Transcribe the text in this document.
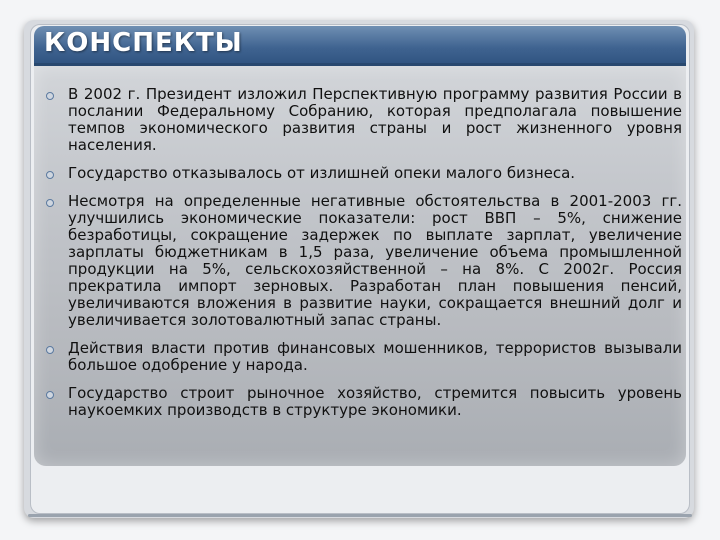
КОНСПЕКТЫ
В 2002 г. Президент изложил Перспективную программу развития России в послании Федеральному Собранию, которая предполагала повышение темпов экономического развития страны и рост жизненного уровня населения.
Государство отказывалось от излишней опеки малого бизнеса.
Несмотря на определенные негативные обстоятельства в 2001-2003 гг. улучшились экономические показатели: рост ВВП – 5%, снижение безработицы, сокращение задержек по выплате зарплат, увеличение зарплаты бюджетникам в 1,5 раза, увеличение объема промышленной продукции на 5%, сельскохозяйственной – на 8%. С 2002г. Россия прекратила импорт зерновых. Разработан план повышения пенсий, увеличиваются вложения в развитие науки, сокращается внешний долг и увеличивается золотовалютный запас страны.
Действия власти против финансовых мошенников, террористов вызывали большое одобрение у народа.
Государство строит рыночное хозяйство, стремится повысить уровень наукоемких производств в структуре экономики.
